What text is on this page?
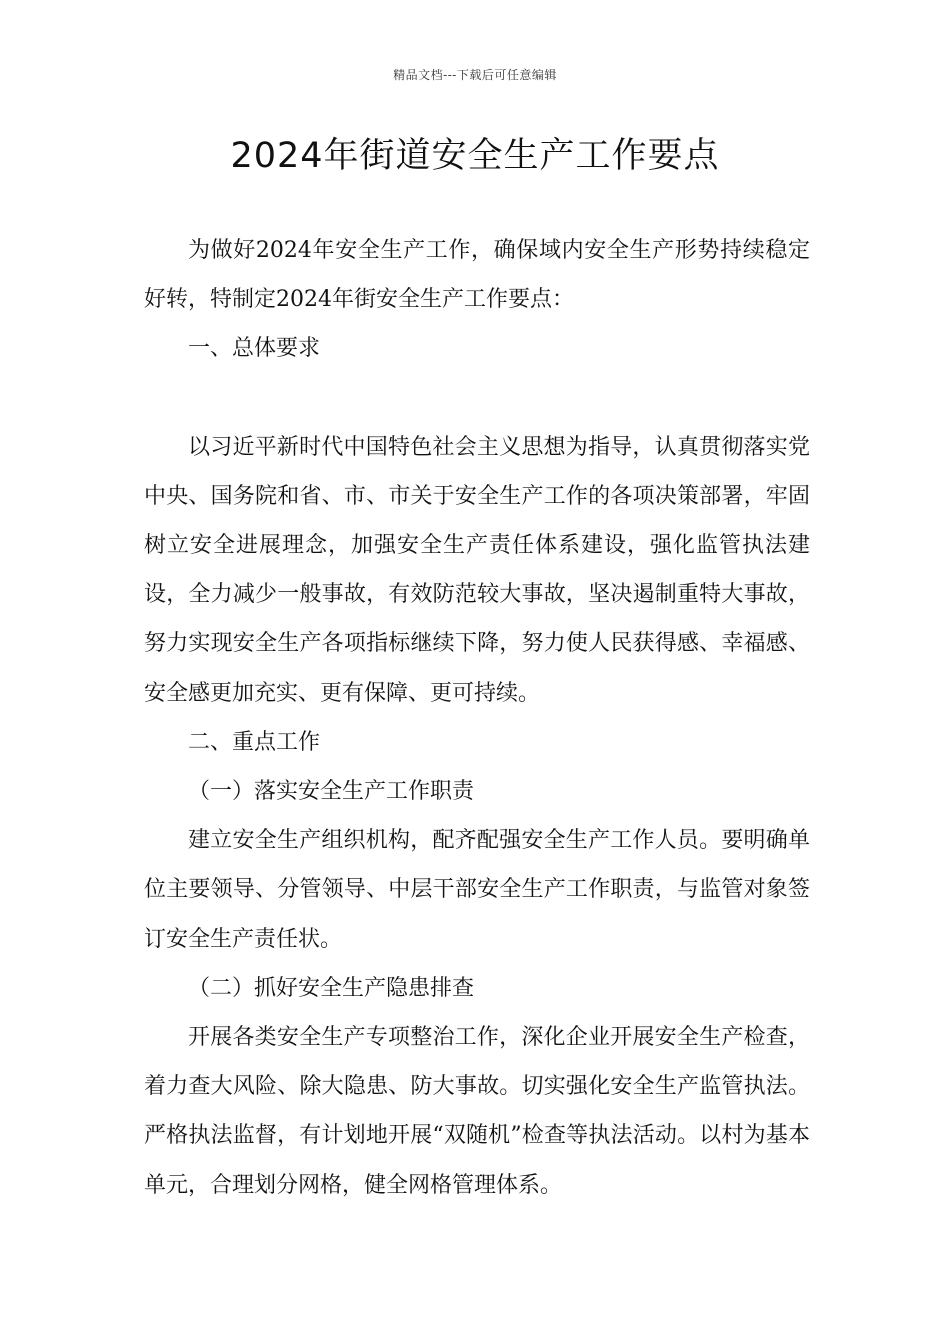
精品文档---下载后可任意编辑
2024年街道安全生产工作要点

为做好2024年安全生产工作，确保域内安全生产形势持续稳定好转，特制定2024年街安全生产工作要点：

一、总体要求

以习近平新时代中国特色社会主义思想为指导，认真贯彻落实党中央、国务院和省、市、市关于安全生产工作的各项决策部署，牢固树立安全进展理念，加强安全生产责任体系建设，强化监管执法建设，全力减少一般事故，有效防范较大事故，坚决遏制重特大事故，努力实现安全生产各项指标继续下降，努力使人民获得感、幸福感、安全感更加充实、更有保障、更可持续。

二、重点工作

（一）落实安全生产工作职责

建立安全生产组织机构，配齐配强安全生产工作人员。要明确单位主要领导、分管领导、中层干部安全生产工作职责，与监管对象签订安全生产责任状。

（二）抓好安全生产隐患排查

开展各类安全生产专项整治工作，深化企业开展安全生产检查，着力查大风险、除大隐患、防大事故。切实强化安全生产监管执法。严格执法监督，有计划地开展“双随机”检查等执法活动。以村为基本单元，合理划分网格，健全网格管理体系。
